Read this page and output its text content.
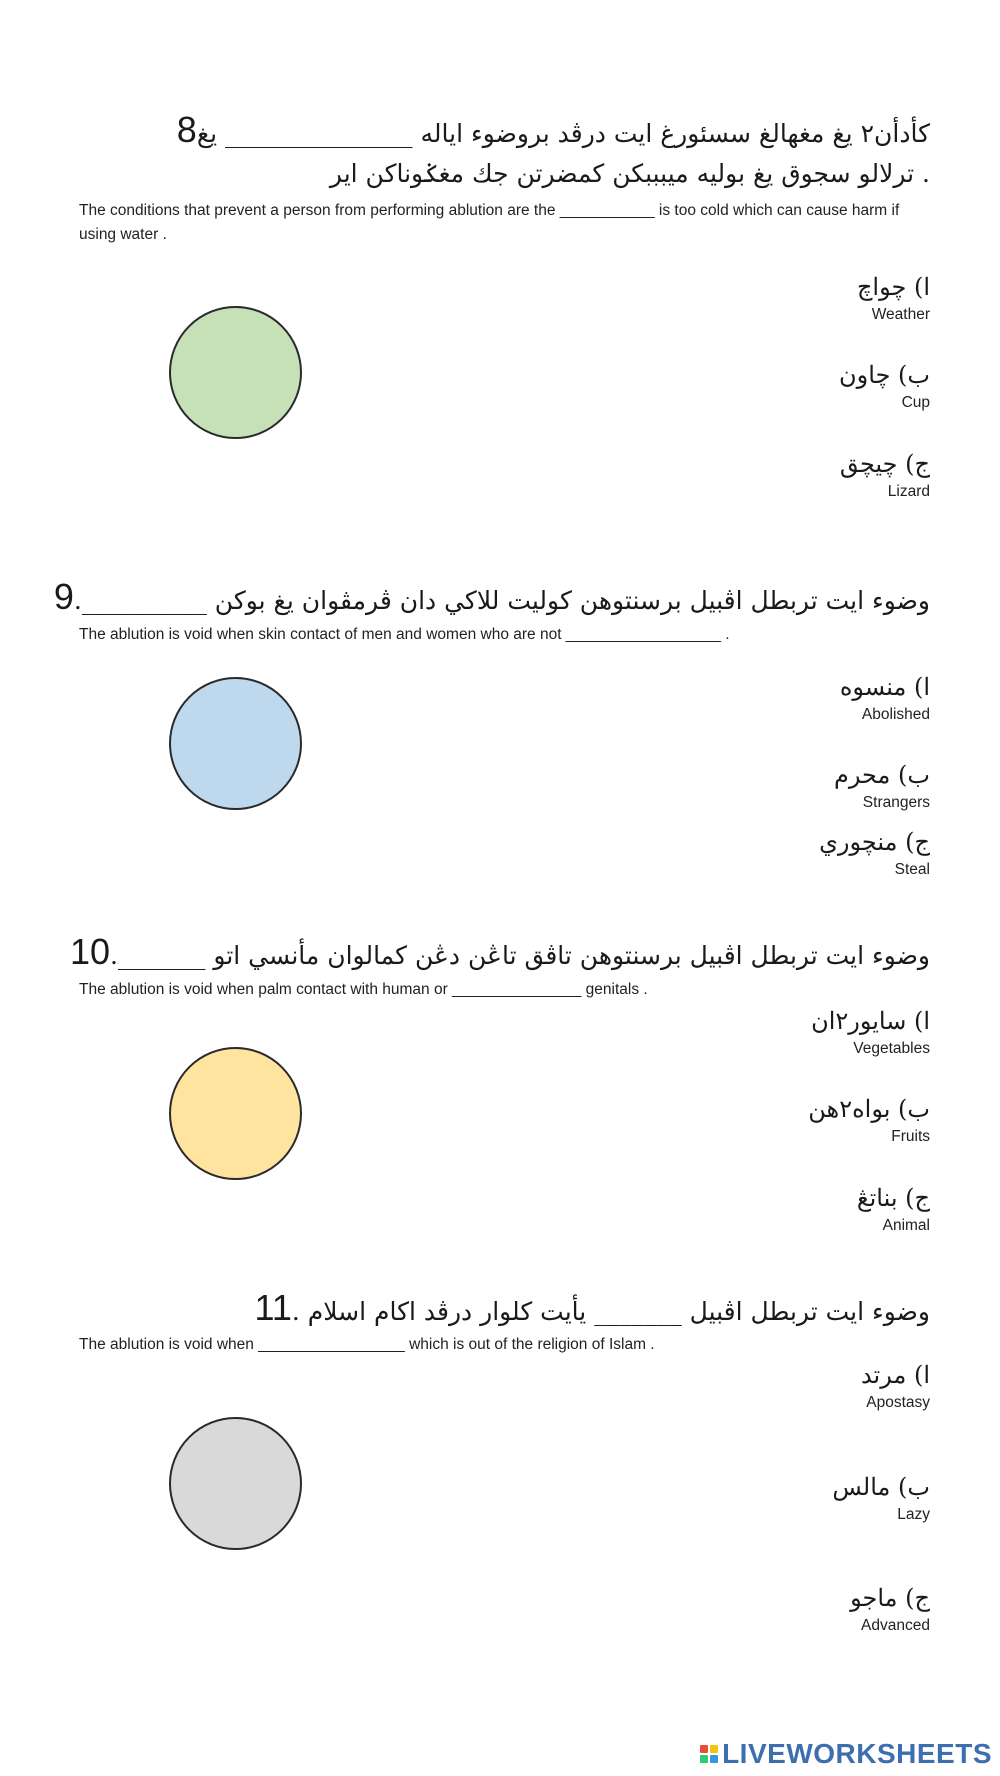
كأدأن٢ يغ مغهالغ سسئورغ ايت درڤد بروضوء اياله _______________ يغ8
ترلالو سجوق يغ بوليه ميبببكن كمضرتن جك مغݢوناكن اير .
The conditions that prevent a person from performing ablution are the ___________ is too cold which can cause harm if using water .
ا) چواچ
Weather
ب) چاون
Cup
ج) چيچق
Lizard
وضوء ايت تربطل اڤبيل برسنتوهن كوليت للاكي دان ڤرمڤوان يغ بوكن __________.9
The ablution is void when skin contact of men and women who are not __________________ .
ا) منسوه
Abolished
ب) محرم
Strangers
ج) منچوري
Steal
وضوء ايت تربطل اڤبيل برسنتوهن تاڤق تاڠن دڠن كمالوان مأنسي اتو _______.10
The ablution is void when palm contact with human or _______________ genitals .
ا) سايور٢ان
Vegetables
ب) بواه٢هن
Fruits
ج) بناتڠ
Animal
وضوء ايت تربطل اڤبيل _______ يأيت كلوار درڤد اكام اسلام .11
The ablution is void when _________________ which is out of the religion of Islam .
ا) مرتد
Apostasy
ب) مالس
Lazy
ج) ماجو
Advanced
LIVEWORKSHEETS
